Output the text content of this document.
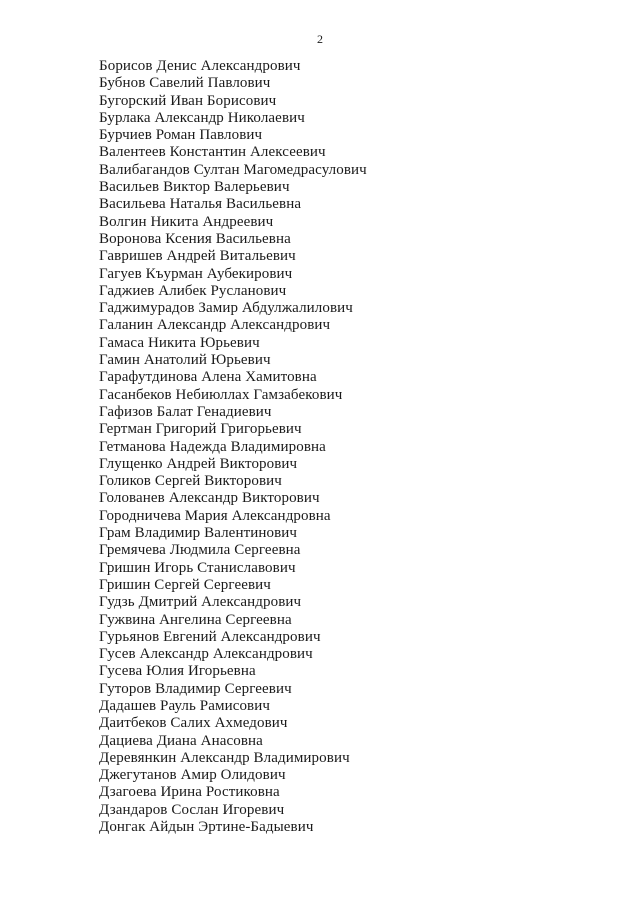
2
Борисов Денис Александрович
Бубнов Савелий Павлович
Бугорский Иван Борисович
Бурлака Александр Николаевич
Бурчиев Роман Павлович
Валентеев Константин Алексеевич
Валибагандов Султан Магомедрасулович
Васильев Виктор Валерьевич
Васильева Наталья Васильевна
Волгин Никита Андреевич
Воронова Ксения Васильевна
Гавришев Андрей Витальевич
Гагуев Къурман Аубекирович
Гаджиев Алибек Русланович
Гаджимурадов Замир Абдулжалилович
Галанин Александр Александрович
Гамаса Никита Юрьевич
Гамин Анатолий Юрьевич
Гарафутдинова Алена Хамитовна
Гасанбеков Небиюллах Гамзабекович
Гафизов Балат Генадиевич
Гертман Григорий Григорьевич
Гетманова Надежда Владимировна
Глущенко Андрей Викторович
Голиков Сергей Викторович
Голованев Александр Викторович
Городничева Мария Александровна
Грам Владимир Валентинович
Гремячева Людмила Сергеевна
Гришин Игорь Станиславович
Гришин Сергей Сергеевич
Гудзь Дмитрий Александрович
Гужвина Ангелина Сергеевна
Гурьянов Евгений Александрович
Гусев Александр Александрович
Гусева Юлия Игорьевна
Гуторов Владимир Сергеевич
Дадашев Рауль Рамисович
Даитбеков Салих Ахмедович
Дациева Диана Анасовна
Деревянкин Александр Владимирович
Джегутанов Амир Олидович
Дзагоева Ирина Ростиковна
Дзандаров Сослан Игоревич
Донгак Айдын Эртине-Бадыевич
